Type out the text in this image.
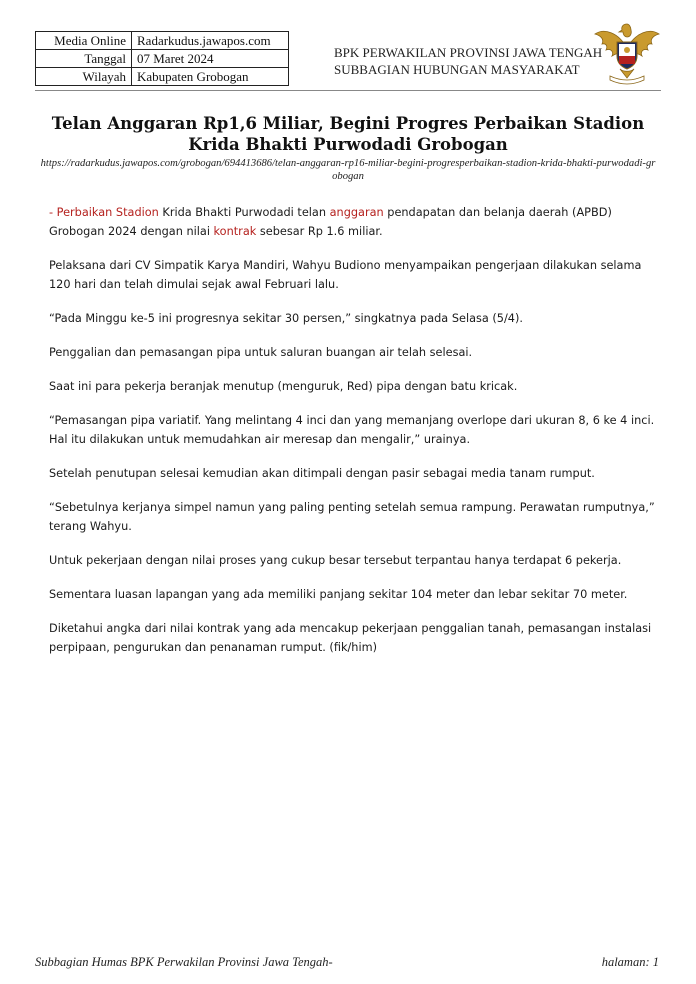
Media Online	Radarkudus.jawapos.com
Tanggal	07 Maret 2024
Wilayah	Kabupaten Grobogan
BPK PERWAKILAN PROVINSI JAWA TENGAH
SUBBAGIAN HUBUNGAN MASYARAKAT
Telan Anggaran Rp1,6 Miliar, Begini Progres Perbaikan Stadion Krida Bhakti Purwodadi Grobogan
https://radarkudus.jawapos.com/grobogan/694413686/telan-anggaran-rp16-miliar-begini-progresperbaikan-stadion-krida-bhakti-purwodadi-grobogan

- Perbaikan Stadion Krida Bhakti Purwodadi telan anggaran pendapatan dan belanja daerah (APBD) Grobogan 2024 dengan nilai kontrak sebesar Rp 1.6 miliar.

Pelaksana dari CV Simpatik Karya Mandiri, Wahyu Budiono menyampaikan pengerjaan dilakukan selama 120 hari dan telah dimulai sejak awal Februari lalu.

“Pada Minggu ke-5 ini progresnya sekitar 30 persen,” singkatnya pada Selasa (5/4).

Penggalian dan pemasangan pipa untuk saluran buangan air telah selesai.

Saat ini para pekerja beranjak menutup (menguruk, Red) pipa dengan batu kricak.

“Pemasangan pipa variatif. Yang melintang 4 inci dan yang memanjang overlope dari ukuran 8, 6 ke 4 inci. Hal itu dilakukan untuk memudahkan air meresap dan mengalir,” urainya.

Setelah penutupan selesai kemudian akan ditimpali dengan pasir sebagai media tanam rumput.

“Sebetulnya kerjanya simpel namun yang paling penting setelah semua rampung. Perawatan rumputnya,” terang Wahyu.

Untuk pekerjaan dengan nilai proses yang cukup besar tersebut terpantau hanya terdapat 6 pekerja.

Sementara luasan lapangan yang ada memiliki panjang sekitar 104 meter dan lebar sekitar 70 meter.

Diketahui angka dari nilai kontrak yang ada mencakup pekerjaan penggalian tanah, pemasangan instalasi perpipaan, pengurukan dan penanaman rumput. (fik/him)

Subbagian Humas BPK Perwakilan Provinsi Jawa Tengah-	halaman: 1
